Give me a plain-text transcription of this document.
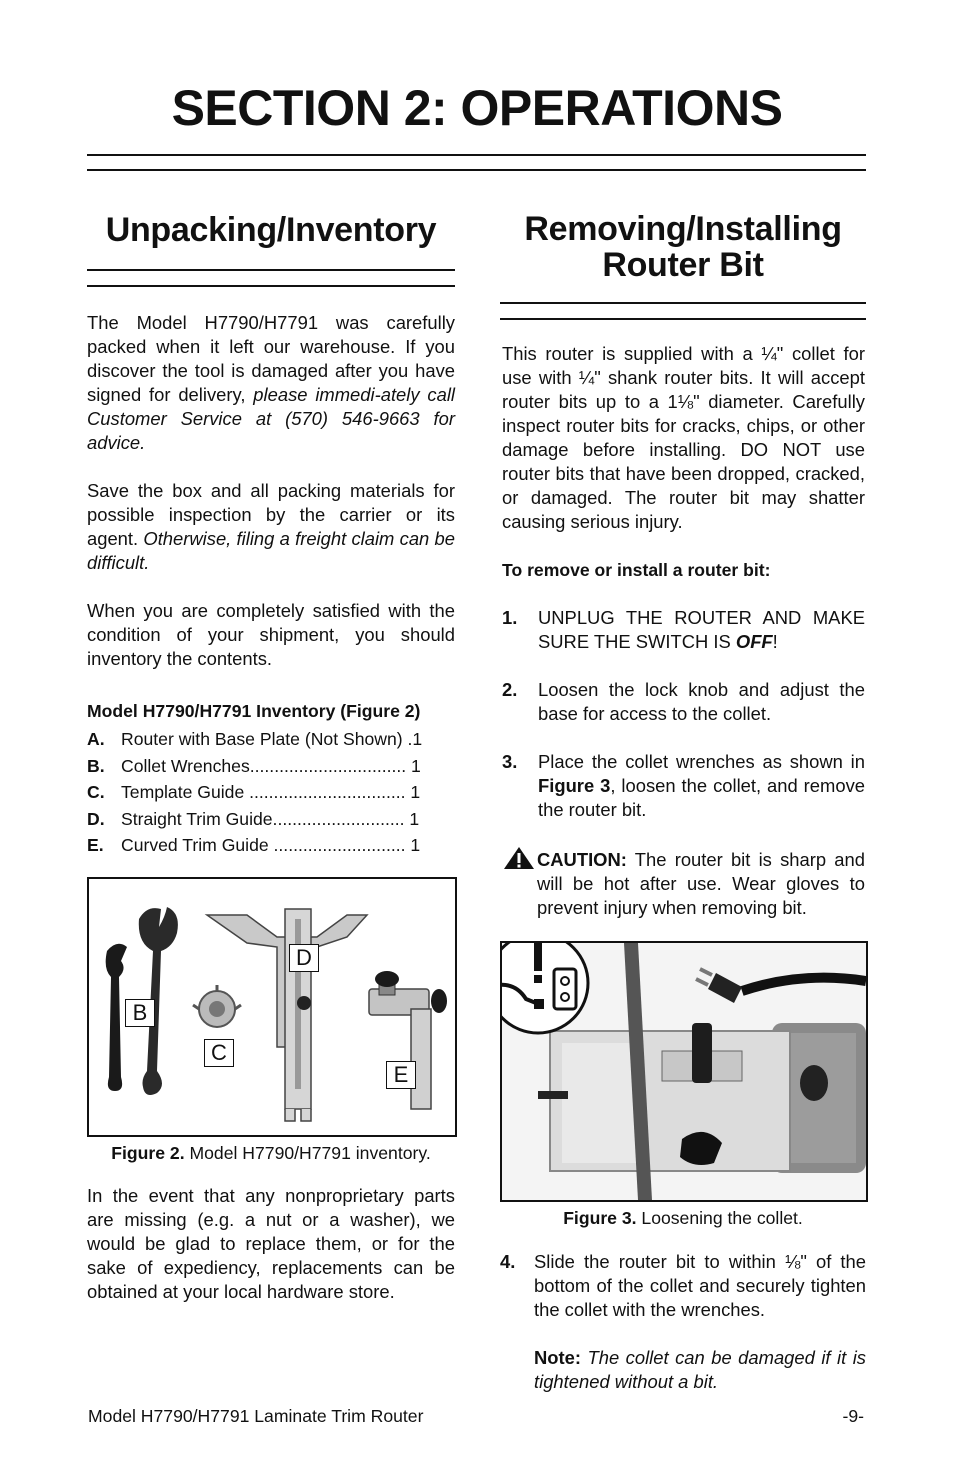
SECTION 2: OPERATIONS
Unpacking/Inventory

The Model H7790/H7791 was carefully packed when it left our warehouse. If you discover the tool is damaged after you have signed for delivery, please immedi-ately call Customer Service at (570) 546-9663 for advice.

Save the box and all packing materials for possible inspection by the carrier or its agent. Otherwise, filing a freight claim can be difficult.

When you are completely satisfied with the condition of your shipment, you should inventory the contents.

Model H7790/H7791 Inventory (Figure 2)
A. Router with Base Plate (Not Shown) .1
B. Collet Wrenches................................ 1
C. Template Guide ................................ 1
D. Straight Trim Guide........................... 1
E. Curved Trim Guide ........................... 1
B
C
D
E
Figure 2. Model H7790/H7791 inventory.
In the event that any nonproprietary parts are missing (e.g. a nut or a washer), we would be glad to replace them, or for the sake of expediency, replacements can be obtained at your local hardware store.
Removing/Installing
Router Bit
This router is supplied with a ¼" collet for use with ¼" shank router bits. It will accept router bits up to a 1⅛" diameter. Carefully inspect router bits for cracks, chips, or other damage before installing. DO NOT use router bits that have been dropped, cracked, or damaged. The router bit may shatter causing serious injury.
To remove or install a router bit:
1.	UNPLUG THE ROUTER AND MAKE SURE THE SWITCH IS OFF!
2.	Loosen the lock knob and adjust the base for access to the collet.
3.	Place the collet wrenches as shown in Figure 3, loosen the collet, and remove the router bit.
CAUTION: The router bit is sharp and will be hot after use. Wear gloves to prevent injury when removing bit.
Figure 3. Loosening the collet.
4.	Slide the router bit to within ⅛" of the bottom of the collet and securely tighten the collet with the wrenches.
Note: The collet can be damaged if it is tightened without a bit.
Model H7790/H7791 Laminate Trim Router	-9-
